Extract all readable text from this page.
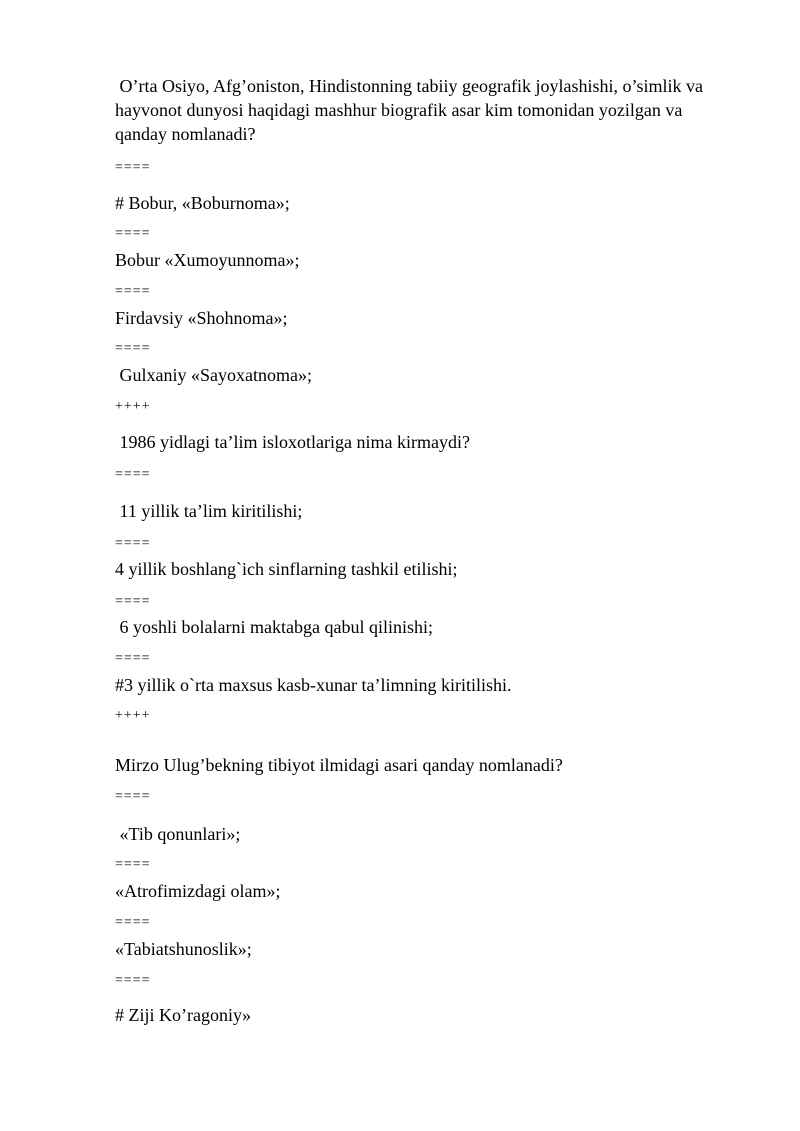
O’rta Osiyo, Afg’oniston, Hindistonning tabiiy geografik joylashishi, o’simlik va hayvonot dunyosi haqidagi mashhur biografik asar kim tomonidan yozilgan va qanday nomlanadi?
====
# Bobur, «Boburnoma»;
====
Bobur «Xumoyunnoma»;
====
Firdavsiy «Shohnoma»;
====
Gulxaniy «Sayoxatnoma»;
++++
1986 yidlagi ta’lim isloxotlariga nima kirmaydi?
====
11 yillik ta’lim kiritilishi;
====
4 yillik boshlang`ich sinflarning tashkil etilishi;
====
6 yoshli bolalarni maktabga qabul qilinishi;
====
#3 yillik o`rta maxsus kasb-xunar ta’limning kiritilishi.
++++
Mirzo Ulug’bekning tibiyot ilmidagi asari qanday nomlanadi?
====
«Tib qonunlari»;
====
«Atrofimizdagi olam»;
====
«Tabiatshunoslik»;
====
# Ziji Ko’ragoniy»
